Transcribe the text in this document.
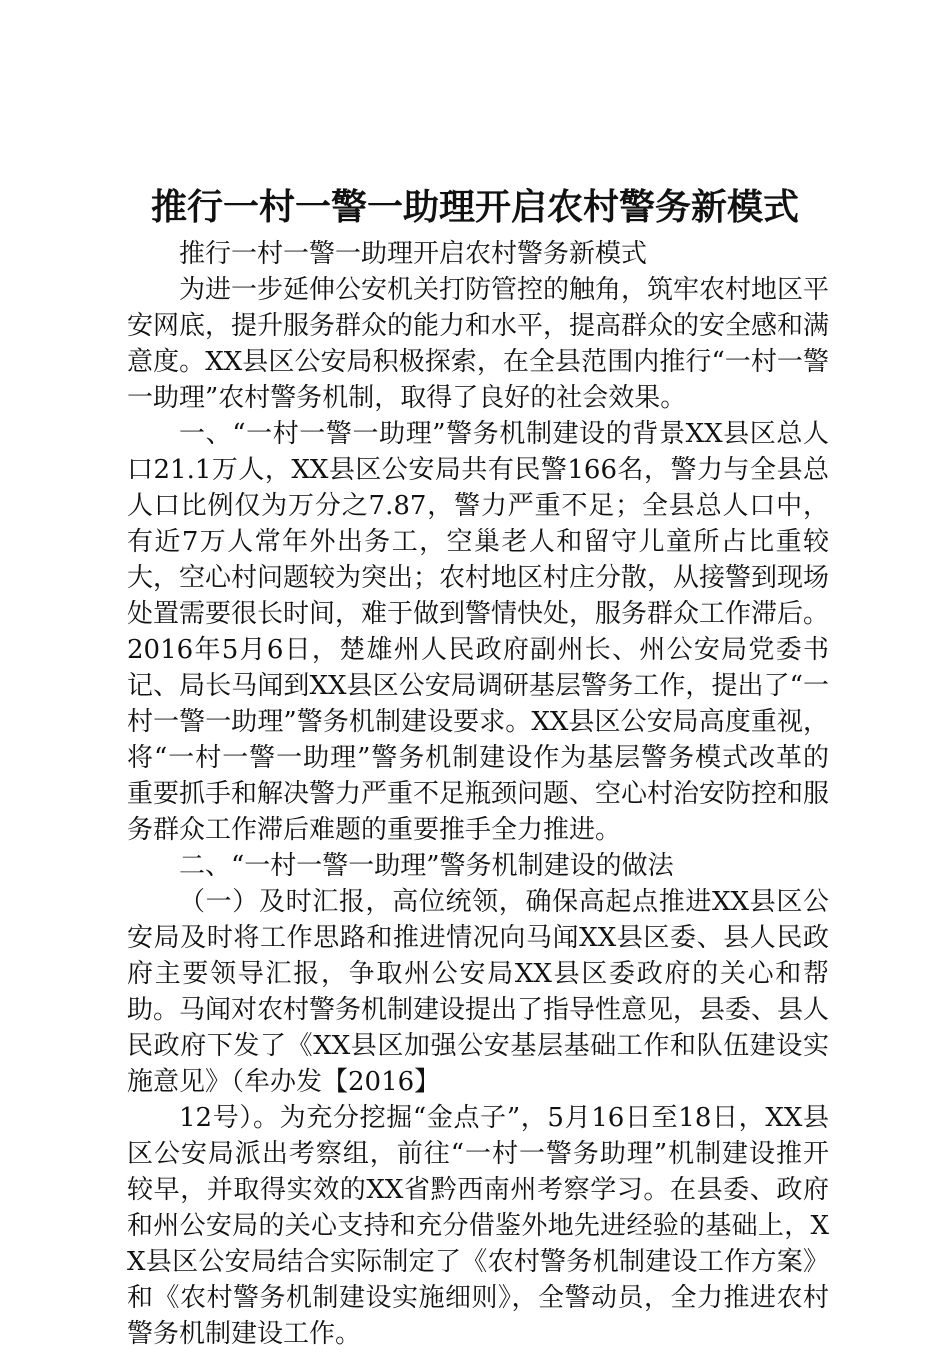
推行一村一警一助理开启农村警务新模式

推行一村一警一助理开启农村警务新模式

为进一步延伸公安机关打防管控的触角，筑牢农村地区平安网底，提升服务群众的能力和水平，提高群众的安全感和满意度。XX县区公安局积极探索，在全县范围内推行“一村一警一助理”农村警务机制，取得了良好的社会效果。

一、“一村一警一助理”警务机制建设的背景XX县区总人口21.1万人，XX县区公安局共有民警166名，警力与全县总人口比例仅为万分之7.87，警力严重不足；全县总人口中，有近7万人常年外出务工，空巢老人和留守儿童所占比重较大，空心村问题较为突出；农村地区村庄分散，从接警到现场处置需要很长时间，难于做到警情快处，服务群众工作滞后。2016年5月6日，楚雄州人民政府副州长、州公安局党委书记、局长马闻到XX县区公安局调研基层警务工作，提出了“一村一警一助理”警务机制建设要求。XX县区公安局高度重视，将“一村一警一助理”警务机制建设作为基层警务模式改革的重要抓手和解决警力严重不足瓶颈问题、空心村治安防控和服务群众工作滞后难题的重要推手全力推进。

二、“一村一警一助理”警务机制建设的做法

（一）及时汇报，高位统领，确保高起点推进XX县区公安局及时将工作思路和推进情况向马闻XX县区委、县人民政府主要领导汇报，争取州公安局XX县区委政府的关心和帮助。马闻对农村警务机制建设提出了指导性意见，县委、县人民政府下发了《XX县区加强公安基层基础工作和队伍建设实施意见》（牟办发【2016】

12号）。为充分挖掘“金点子”，5月16日至18日，XX县区公安局派出考察组，前往“一村一警务助理”机制建设推开较早，并取得实效的XX省黔西南州考察学习。在县委、政府和州公安局的关心支持和充分借鉴外地先进经验的基础上，XX县区公安局结合实际制定了《农村警务机制建设工作方案》和《农村警务机制建设实施细则》，全警动员，全力推进农村警务机制建设工作。
